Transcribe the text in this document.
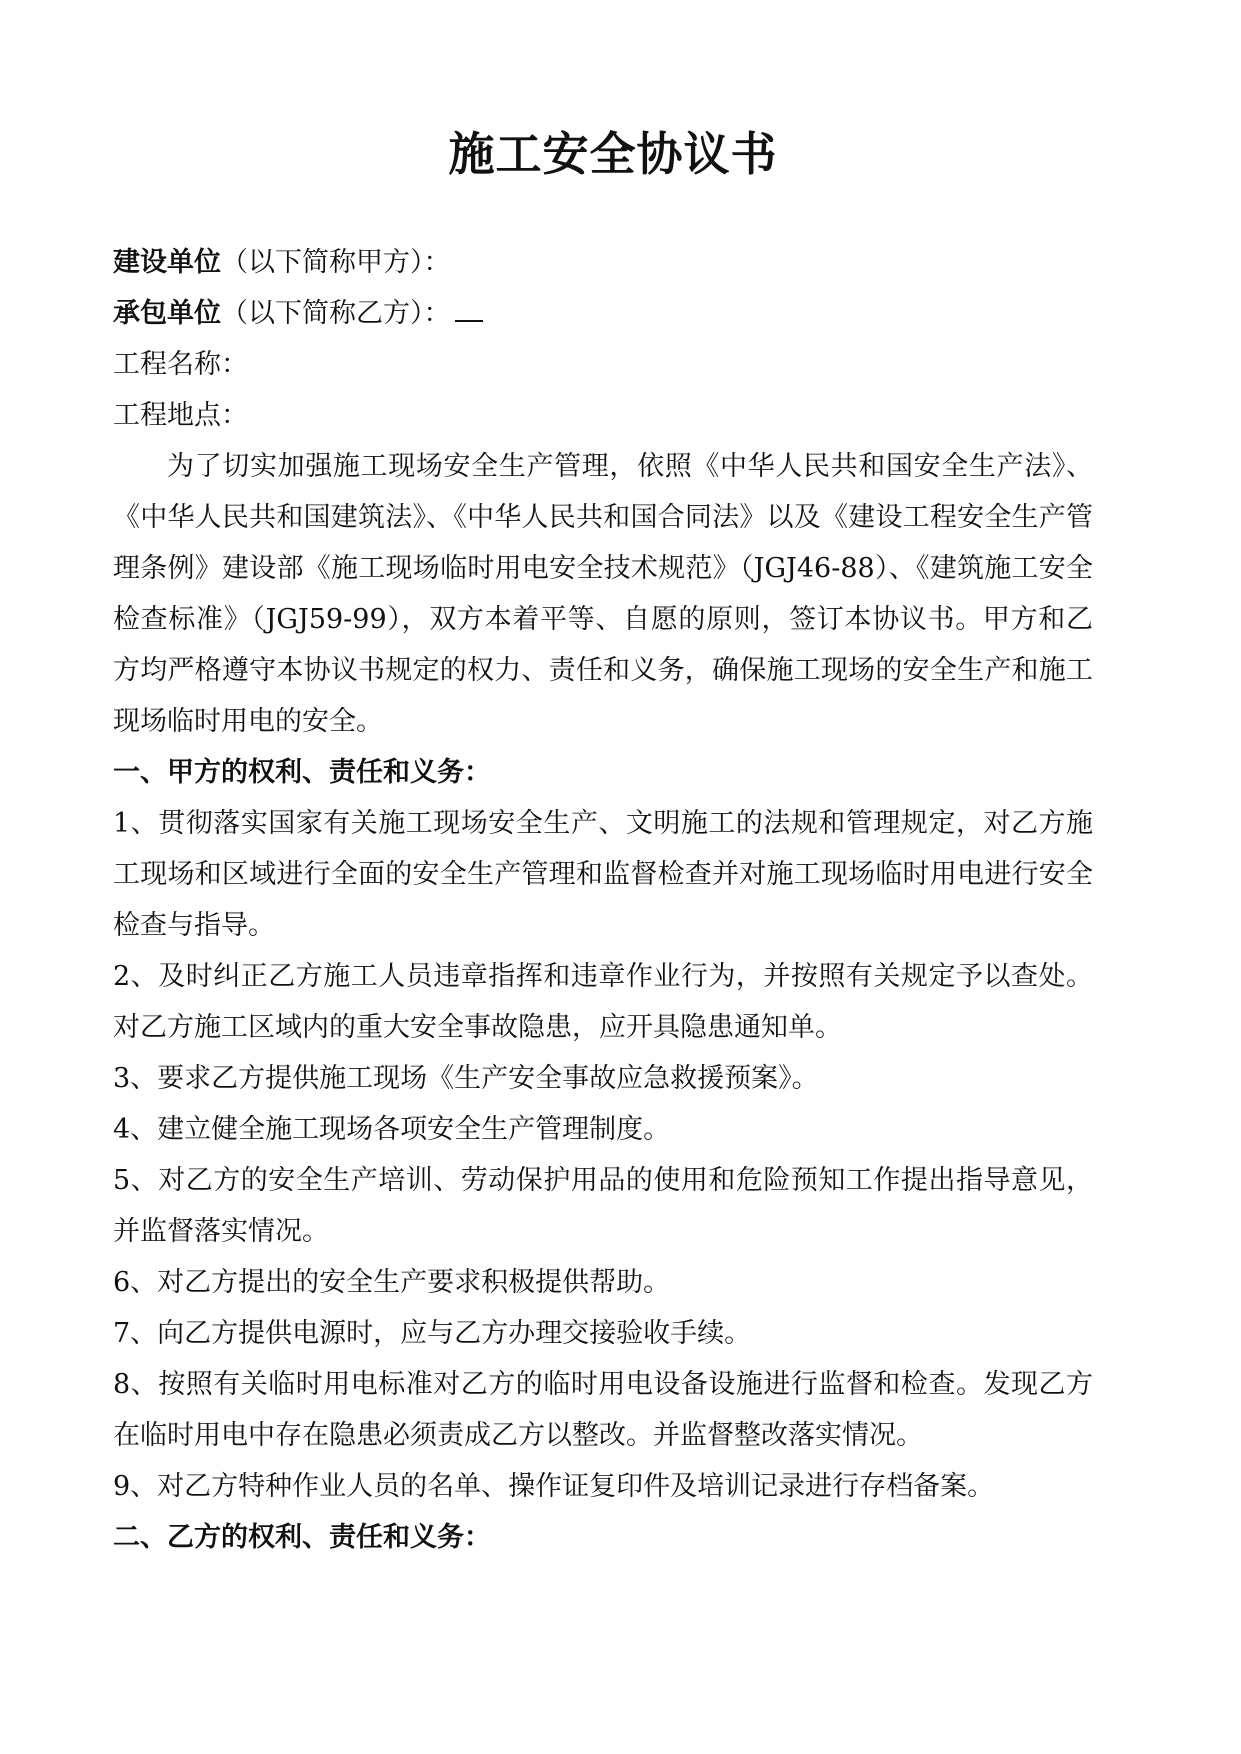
施工安全协议书

建设单位（以下简称甲方）：

承包单位（以下简称乙方）：

工程名称：

工程地点：

为了切实加强施工现场安全生产管理，依照《中华人民共和国安全生产法》、《中华人民共和国建筑法》、《中华人民共和国合同法》以及《建设工程安全生产管理条例》建设部《施工现场临时用电安全技术规范》（JGJ46-88）、《建筑施工安全检查标准》（JGJ59-99），双方本着平等、自愿的原则，签订本协议书。甲方和乙方均严格遵守本协议书规定的权力、责任和义务，确保施工现场的安全生产和施工现场临时用电的安全。

一、甲方的权利、责任和义务：

1、贯彻落实国家有关施工现场安全生产、文明施工的法规和管理规定，对乙方施工现场和区域进行全面的安全生产管理和监督检查并对施工现场临时用电进行安全检查与指导。

2、及时纠正乙方施工人员违章指挥和违章作业行为，并按照有关规定予以查处。对乙方施工区域内的重大安全事故隐患，应开具隐患通知单。

3、要求乙方提供施工现场《生产安全事故应急救援预案》。

4、建立健全施工现场各项安全生产管理制度。

5、对乙方的安全生产培训、劳动保护用品的使用和危险预知工作提出指导意见，并监督落实情况。

6、对乙方提出的安全生产要求积极提供帮助。

7、向乙方提供电源时，应与乙方办理交接验收手续。

8、按照有关临时用电标准对乙方的临时用电设备设施进行监督和检查。发现乙方在临时用电中存在隐患必须责成乙方以整改。并监督整改落实情况。

9、对乙方特种作业人员的名单、操作证复印件及培训记录进行存档备案。

二、乙方的权利、责任和义务：
